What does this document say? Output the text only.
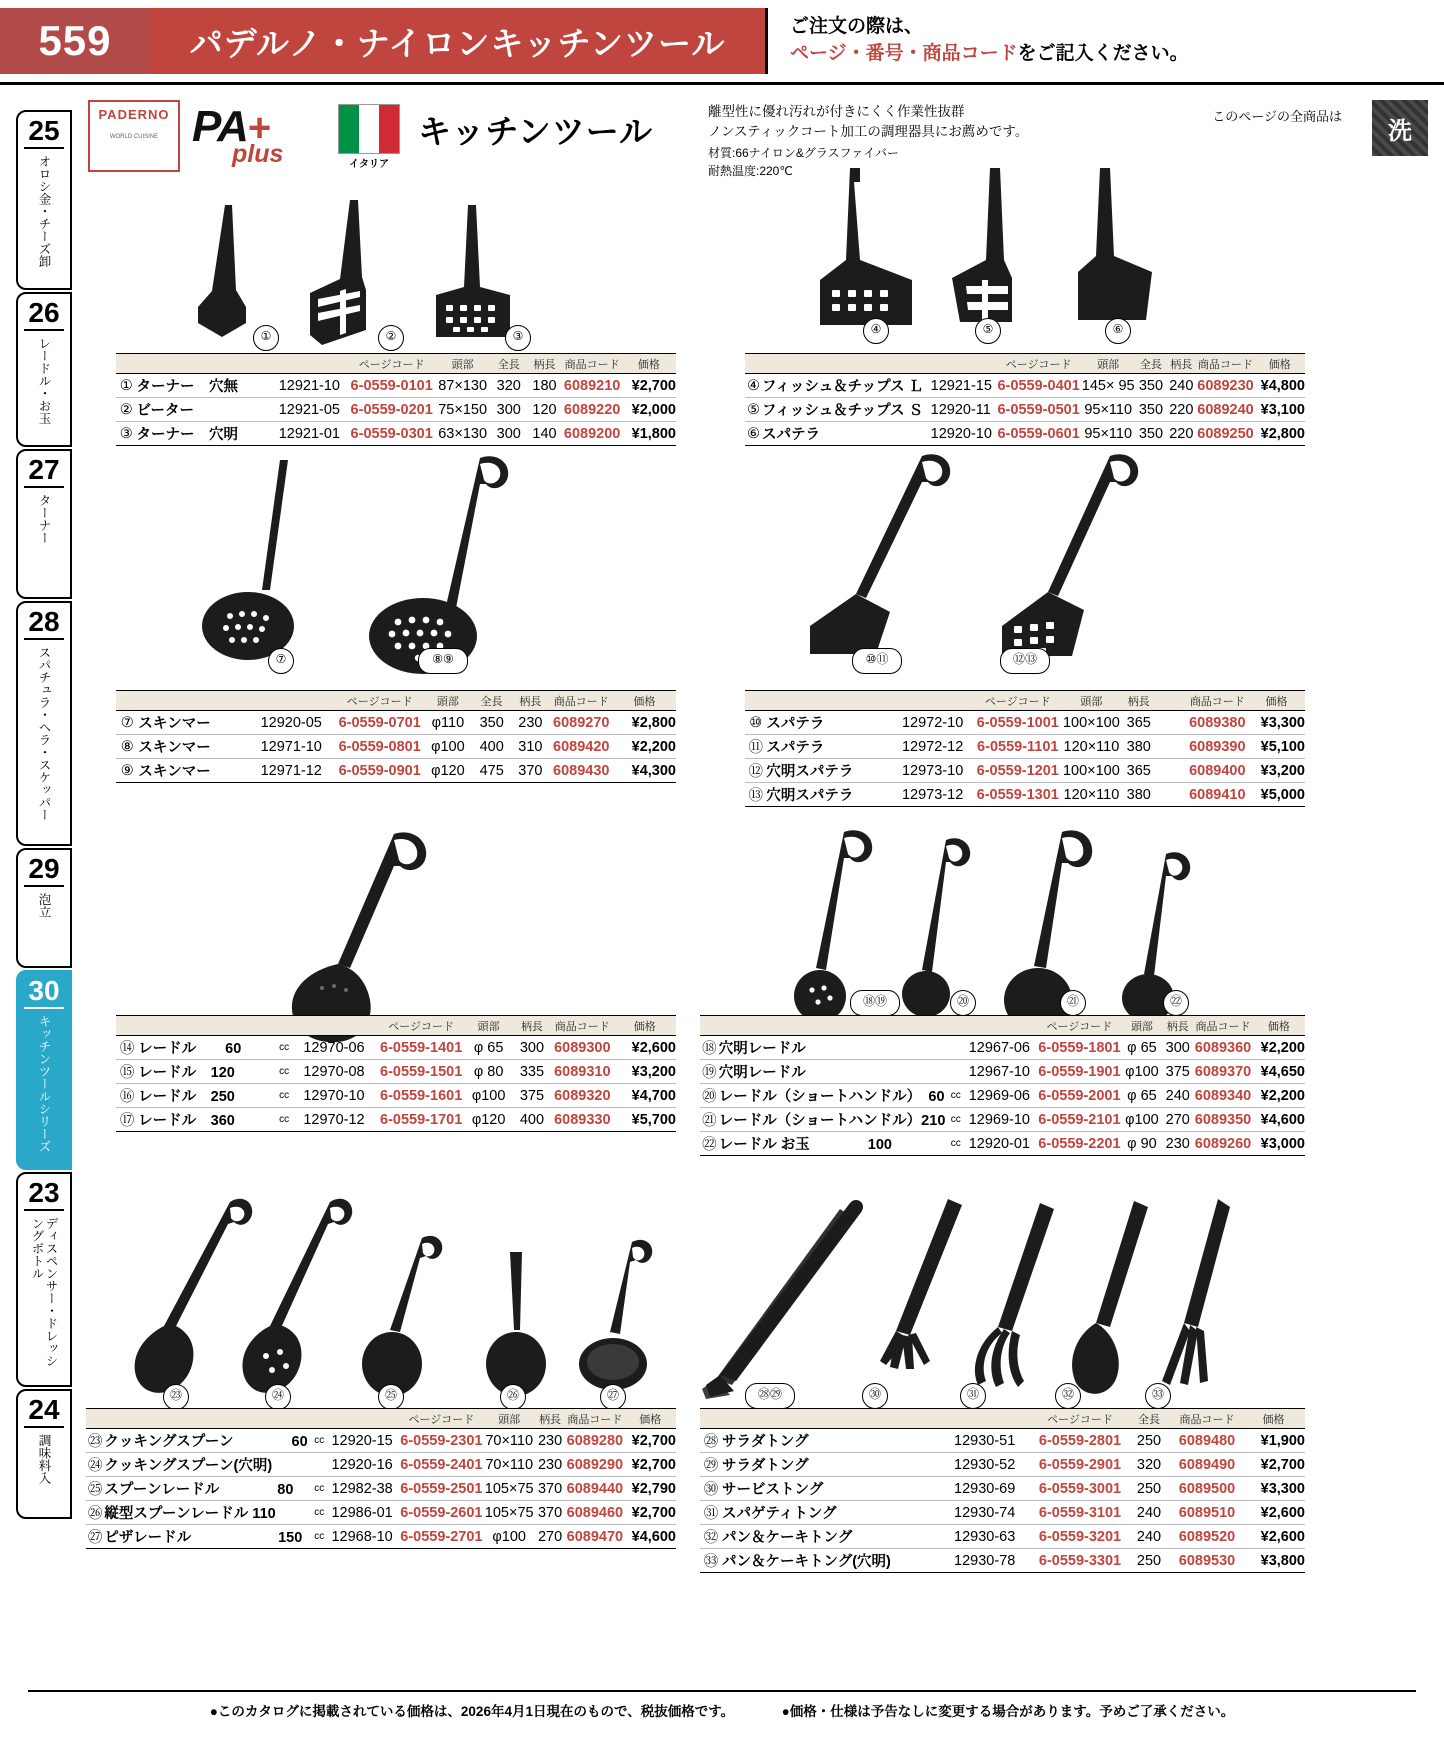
559	パデルノ・ナイロンキッチンツール	ご注文の際は、
ページ・番号・商品コードをご記入ください。
25
オロシ金・チーズ卸
26
レードル・お玉
27
ターナー
28
スパチュラ・ヘラ・スケッパー
29
泡立
30
キッチンツールシリーズ
23
ディスペンサー・ドレッシングボトル
24
調味料入
PADERNO
WORLD CUISINE PA+
plus	イタリア
キッチンツール
離型性に優れ汚れが付きにくく作業性抜群
ノンスティックコート加工の調理器具にお薦めです。
材質:66ナイロン&グラスファイバー
耐熱温度:220℃
このページの全商品は
洗
①	②	③	④	⑤	⑥
			ページコード	頭部	全長	柄長	商品コード	価格
①	ターナー　穴無	12921-10	6-0559-0101	87×130	320	180	6089210	¥2,700
②	ビーター	12921-05	6-0559-0201	75×150	300	120	6089220	¥2,000
③	ターナー　穴明	12921-01	6-0559-0301	63×130	300	140	6089200	¥1,800
			ページコード	頭部	全長	柄長	商品コード	価格
④	フィッシュ＆チップス Ｌ	12921-15	6-0559-0401	145× 95	350	240	6089230	¥4,800
⑤	フィッシュ＆チップス Ｓ	12920-11	6-0559-0501	95×110	350	220	6089240	¥3,100
⑥	スパテラ	12920-10	6-0559-0601	95×110	350	220	6089250	¥2,800
⑦	⑧⑨	⑩⑪	⑫⑬
			ページコード	頭部	全長	柄長	商品コード	価格
⑦	スキンマー	12920-05	6-0559-0701	φ110	350	230	6089270	¥2,800
⑧	スキンマー	12971-10	6-0559-0801	φ100	400	310	6089420	¥2,200
⑨	スキンマー	12971-12	6-0559-0901	φ120	475	370	6089430	¥4,300
			ページコード	頭部	柄長		商品コード	価格
⑩	スパテラ	12972-10	6-0559-1001	100×100	365		6089380	¥3,300
⑪	スパテラ	12972-12	6-0559-1101	120×110	380		6089390	¥5,100
⑫	穴明スパテラ	12973-10	6-0559-1201	100×100	365		6089400	¥3,200
⑬	穴明スパテラ	12973-12	6-0559-1301	120×110	380		6089410	¥5,000
⑱⑲	⑳	㉑	㉒
				ページコード	頭部	柄長	商品コード	価格
⑭	レードル　　60	cc	12970-06	6-0559-1401	φ 65	300	6089300	¥2,600
⑮	レードル　120	cc	12970-08	6-0559-1501	φ 80	335	6089310	¥3,200
⑯	レードル　250	cc	12970-10	6-0559-1601	φ100	375	6089320	¥4,700
⑰	レードル　360	cc	12970-12	6-0559-1701	φ120	400	6089330	¥5,700
				ページコード	頭部	柄長	商品コード	価格
⑱	穴明レードル		12967-06	6-0559-1801	φ 65	300	6089360	¥2,200
⑲	穴明レードル		12967-10	6-0559-1901	φ100	375	6089370	¥4,650
⑳	レードル（ショートハンドル）　60	cc	12969-06	6-0559-2001	φ 65	240	6089340	¥2,200
㉑	レードル（ショートハンドル）210	cc	12969-10	6-0559-2101	φ100	270	6089350	¥4,600
㉒	レードル お玉　　　　100	cc	12920-01	6-0559-2201	φ 90	230	6089260	¥3,000
㉓	㉔	㉕	㉖	㉗	㉘㉙	㉚	㉛	㉜	㉝
				ページコード	頭部	柄長	商品コード	価格
㉓	クッキングスプーン　　　　60	cc	12920-15	6-0559-2301	70×110	230	6089280	¥2,700
㉔	クッキングスプーン(穴明)		12920-16	6-0559-2401	70×110	230	6089290	¥2,700
㉕	スプーンレードル　　　　80	cc	12982-38	6-0559-2501	105×75	370	6089440	¥2,790
㉖	縦型スプーンレードル 110	cc	12986-01	6-0559-2601	105×75	370	6089460	¥2,700
㉗	ピザレードル　　　　　　150	cc	12968-10	6-0559-2701	φ100	270	6089470	¥4,600
			ページコード	全長	商品コード	価格
㉘	サラダトング	12930-51	6-0559-2801	250	6089480	¥1,900
㉙	サラダトング	12930-52	6-0559-2901	320	6089490	¥2,700
㉚	サービストング	12930-69	6-0559-3001	250	6089500	¥3,300
㉛	スパゲティトング	12930-74	6-0559-3101	240	6089510	¥2,600
㉜	パン＆ケーキトング	12930-63	6-0559-3201	240	6089520	¥2,600
㉝	パン＆ケーキトング(穴明)	12930-78	6-0559-3301	250	6089530	¥3,800
●このカタログに掲載されている価格は、2026年4月1日現在のもので、税抜価格です。	●価格・仕様は予告なしに変更する場合があります。予めご了承ください。
